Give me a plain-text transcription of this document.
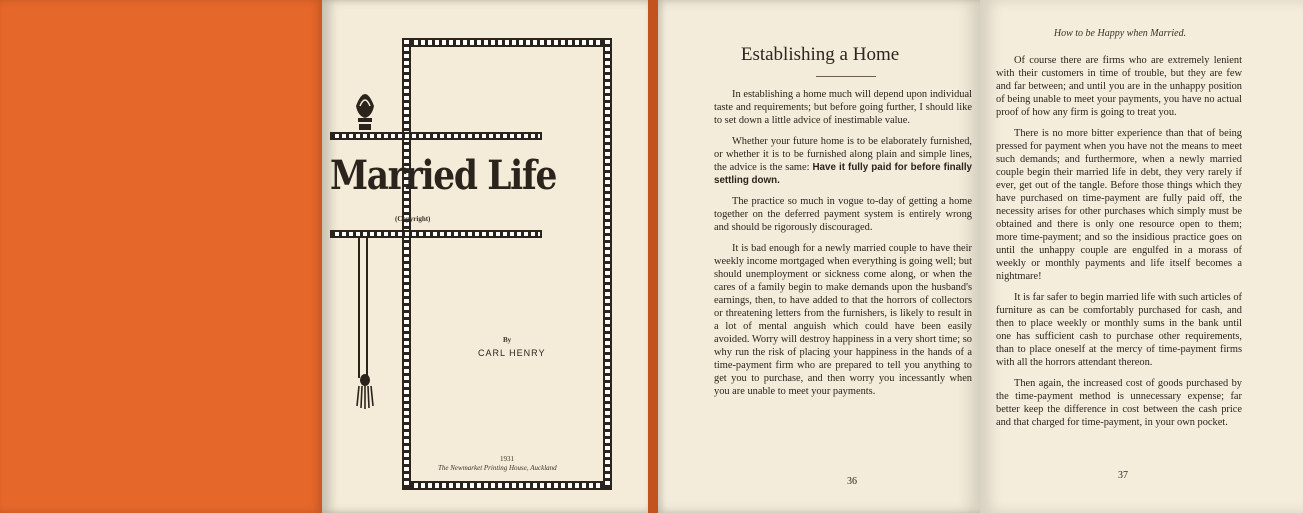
Married Life
(Copyright)
By
CARL HENRY
1931
The Newmarket Printing House, Auckland
Establishing a Home

In establishing a home much will depend upon individual taste and requirements; but before going further, I should like to set down a little advice of inestimable value.

Whether your future home is to be elaborately furnished, or whether it is to be furnished along plain and simple lines, the advice is the same: Have it fully paid for before finally settling down.

The practice so much in vogue to-day of getting a home together on the deferred payment system is entirely wrong and should be rigorously discouraged.

It is bad enough for a newly married couple to have their weekly income mortgaged when everything is going well; but should unemployment or sickness come along, or when the cares of a family begin to make demands upon the husband's earnings, then, to have added to that the horrors of collectors or threatening letters from the furnishers, is likely to result in a lot of mental anguish which could have been easily avoided. Worry will destroy happiness in a very short time; so why run the risk of placing your happiness in the hands of a time-payment firm who are prepared to tell you anything to get you to purchase, and then worry you incessantly when you are unable to meet your payments.

36
How to be Happy when Married.

Of course there are firms who are extremely lenient with their customers in time of trouble, but they are few and far between; and until you are in the unhappy position of being unable to meet your payments, you have no actual proof of how any firm is going to treat you.

There is no more bitter experience than that of being pressed for payment when you have not the means to meet such demands; and furthermore, when a newly married couple begin their married life in debt, they very rarely if ever, get out of the tangle. Before those things which they have purchased on time-payment are fully paid off, the necessity arises for other purchases which simply must be obtained and there is only one resource open to them; more time-payment; and so the insidious practice goes on until the unhappy couple are engulfed in a morass of weekly or monthly payments and life itself becomes a nightmare!

It is far safer to begin married life with such articles of furniture as can be comfortably purchased for cash, and then to place weekly or monthly sums in the bank until one has sufficient cash to purchase other requirements, than to place oneself at the mercy of time-payment firms with all the horrors attendant thereon.

Then again, the increased cost of goods purchased by the time-payment method is unnecessary expense; far better keep the difference in cost between the cash price and that charged for time-payment, in your own pocket.

37
